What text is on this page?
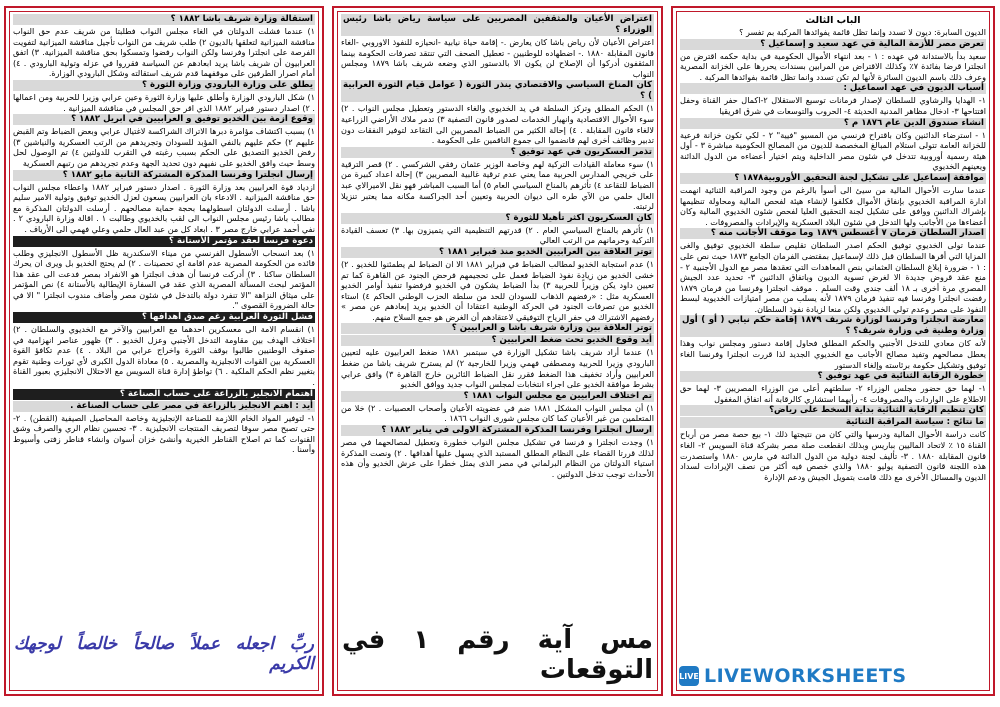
استقالة وزارة شريف باشا ١٨٨٢ ؟

١) عندما فشلت الدولتان في الغاء مجلس النواب فطلبتا من شريف عدم حق النواب مناقشة الميزانية لتعلقها بالديون ٢) طلب شريف من النواب تأجيل مناقشة الميزانية لتفويت الفرصة على انجلترا وفرنسا ولكن النواب رفضوا وتمسكوا بحق مناقشة الميزانية. ٣) اتفق العرابيون أن شريف باشا يريد ابعادهم عن السياسة فقرروا في عزله وتولية البارودي . ٤) أمام اصرار الطرفين على موقفهما قدم شريف استقالته وشكل البارودي الوزارة.

يطلق على وزارة البارودي وزارة الثورة ؟

١) شكل البارودي الوزارة وأطلق عليها وزارة الثورة وعين عرابي وزيرا للحربية ومن اعمالها . ٢) اصدار دستور فبراير ١٨٨٢ الذي اقر حق المجلس في مناقشة الميزانية .

وقوع ازمة بين الخديو توفيق و العرابيين في ابريل ١٨٨٢ ؟

١) بسبب اكتشاف مؤامرة دبرها الاتراك الشراكسة لاغتيال عرابي وبعض الضباط وتم القبض عليهم ٢) حكم عليهم بالنفي المؤبد للسودان وتجريدهم من الرتب العسكرية والنياشين ٣) رفض الخديو التصديق على الحكم بسبب رغبته في التقرب للدولتين ٤) تم الوصول لحل وسط حيث وافق الخديو على نفيهم دون تحديد الجهة وعدم تجريدهم من رتبهم العسكرية

إرسال انجلترا وفرنسا المذكرة المشتركة الثانية مايو ١٨٨٢ ؟

ازدياد قوة العرابيين بعد وزارة الثورة . اصدار دستور فبراير ١٨٨٢ واعطاء مجلس النواب حق مناقشة الميزانية . الادعاء بان العرابيين يسعون لعزل الخديو توفيق وتولية الامير سليم باشا . أرسلت الدولتان اسطولهما بحجة حماية مصالحهم . أرسلت الدولتان المذكرة مع مطالب باشا رئيس مجلس النواب الى لقب بالخديوي وطالبت ١ . اقالة وزارة البارودي ٢ . نفي أحمد عرابي خارج مصر ٣ . ابعاد كل من عبد العال حلمي وعلي فهمي الى الأرياف .

دعوة فرنسا لعقد مؤتمر الأستانة ؟

١) بعد انسحاب الأسطول الفرنسي من ميناء الاسكندرية ظل الأسطول الانجليزي وطلب قائده من الحكومة المصرية عدم اقامة اي تحصينات . ٢) لم يحتج الخديو بل ويرى ان يحرك السلطان ساكنا . ٣) أدركت فرنسا أن هدف انجلترا هو الانفراد بمصر فدعت الى عقد هذا المؤتمر لبحث المسألة المصرية الذي عقد في السفارة الإيطالية بالأستانة ٤) نص المؤتمر على ميثاق النزاهة "الا تنفرد دولة بالتدخل في شئون مصر وأضاف مندوب انجلترا " الا في حالة الضرورة القصوى ".

فشل الثورة العرابية رغم صدق أهدافها ؟

١) انقسام الامة الى معسكرين احدهما مع العرابيين والآخر مع الخديوي والسلطان . ٢) اختلاف الهدف بين مقاومة التدخل الأجنبي وعزل الخديو . ٣) ظهور عناصر انهزامية في صفوف الوطنيين طالبوا بوقف الثورة واخراج عرابي من البلاد . ٤) عدم تكافؤ القوة العسكرية بين القوات الانجليزية والمصرية . ٥) معاداة الدول الكبرى لأي ثورات وطنية تقوم بتغيير نظم الحكم الملكية . ٦) تواطؤ إدارة قناة السويس مع الاحتلال الانجليزي بعبور القناة .

اهتمام الانجليز بالزراعة على حساب الصناعة ؟
أيد : اهتم الانجليز بالزراعة في مصر على حساب الصناعة .

١- لتوفير المواد الخام اللازمة للصناعة الإنجليزية وخاصة المحاصيل الصيفية (القطن) . ٢- حتى تصبح مصر سوقا لتصريف المنتجات الانجليزية . ٣- تحسين نظام الري والصرف وشق القنوات كما تم اصلاح القناطر الخيرية وأنشئ خزان أسوان وانشاء قناطر زفتى وأسيوط وأسنا .

ربِّ اجعله عملاً صالحاً خالصاً لوجهك الكريم
اعتراض الأعيان والمثقفين المصريين على سياسة رياض باشا رئيس الوزراء ؟

اعتراض الأعيان لأن رياض باشا كان يعارض .- إقامة حياة نيابية -انحيازه للنفوذ الاوروبي -الغاء قانون المقابلة ١٨٨٠ .- اضطهاده للوطنيين - تعطيل الصحف التي تنتقد تصرفات الحكومة بينما المثقفون أدركوا أن الإصلاح لن يكون الا بالدستور الذي وضعه شريف باشا ١٨٧٩ ومجلس النواب

كان المناخ السياسي والاقتصادي ينذر الثورة ( عوامل قيام الثورة العرابية ) ؟

١) الحكم المطلق وتركز السلطة في يد الخديوي والغاء الدستور وتعطيل مجلس النواب . ٢) سوء الأحوال الاقتصادية وانهيار الخدمات لصدور قانون التصفية ٣) تدمر ملاك الأراضي الزراعية لالغاء قانون المقابلة . ٤) إحالة الكثير من الضباط المصريين الى التقاعد لتوفير النفقات دون تدبير وظائف أخرى لهم فانضموا الى جموع الناقمين على الحكومة .

تذمر العسكريون في عهد توفيق ؟

١) سوء معاملة القيادات التركية لهم وخاصة الوزير عثمان رفقي الشركسي . ٢) قصر الترقية على خريجي المدارس الحربية مما يعني عدم ترقية غالبية المصريين ٣) إحالة اعداد كبيرة من الضباط للتقاعد ٤) تأثرهم بالمناخ السياسي العام ٥) أما السبب المباشر فهو نقل الاميرالاي عبد العال حلمي من الآي طره الى ديوان الحربية وتعيين أحد الجراكسة مكانه مما يعتبر تنزيلا لرتبته.

كان العسكريون اكثر تأهيلا للثورة ؟

١) تأثرهم بالمناخ السياسي العام . ٢) قدرتهم التنظيمية التي يتميزون بها. ٣) تعسف القيادة التركية وحرمانهم من الرتب العالي

توتر العلاقة بين العرابيين الخديو منذ فبراير ١٨٨١ ؟

١) عدم استجابة الخديو لمطالب الضباط في فبراير ١٨٨١ الا ان الضباط لم يطمئنوا للخديو . ٢) خشى الخديو من زيادة نفوذ الضباط فعمل على تحجيمهم فرحض الجنود عن القاهرة كما تم تعيين داود يكن وزيراً للحربية ٣) بدأ الضباط يشكون في الخديو فرفضوا تنفيذ أوامر الخديو العسكرية مثل : «رفضهم الذهاب للسودان للحد من سلطة الحزب الوطني الحاكم ٤) استاء الخديو من تصرفات الجنود في الحركة الوطنية اعتقادا أن الخديو يريد إبعادهم عن مصر » رفضهم الاشتراك في حفر الرياح التوفيقي لاعتقادهم أن الغرض هو جمع السلاح منهم.

توتر العلاقة بين وزارة شريف باشا و العرابيين ؟
أيد وقوع الخديو تحت ضغط العرابيين ؟

١) عندما أراد شريف باشا تشكيل الوزارة في سبتمبر ١٨٨١ ضغط العرابيون عليه لتعيين البارودي وزيرا للحربية ومصطفى فهمي وزيرا للخارجية ٢) لم يسترح شريف باشا من ضغط العرابيين وأراد تخفيف هذا الضغط فقرر نقل الضباط الثائرين خارج القاهرة ٣) وافق عرابي بشرط موافقة الخديو على اجراء انتخابات لمجلس النواب جديد ووافق الخديو

تم اختلاف العرابيين مع مجلس النواب ١٨٨١ ؟

١) أن مجلس النواب المشكل ١٨٨١ ضم في عضويته الأعيان وأصحاب العصبيات . ٢) خلا من المتعلمين من غير الأعيان كما كان مجلس شورى النواب ١٨٦٦ .

ارسال انجلترا وفرنسا المذكرة المشتركة الاولى في يناير ١٨٨٢ ؟

١) وجدت انجلترا و فرنسا في تشكيل مجلس النواب خطورة وتعطيل لمصالحهما في مصر لذلك قررتا القضاء على النظام المطلق المستبد الذي يسهل عليها أهدافها . ٢) ونصت المذكرة استياء الدولتان من النظام البرلماني في مصر الذى يمثل خطرا على عرش الخديو وأن هذه الأحداث توجب تدخل الدولتين .

مس آية رقم ١ في التوقعات
الباب الثالث

الديون السابرة: ديون لا تسدد وإنما تظل قائمة يفوائدها المركبة بم تفسر ؟

تعرض مصر للأزمة المالية في عهد سعيد و إسماعيل ؟

سعيد بدأ بالاستدانة في عهده : ١ - بعد انتهاء الأموال الحكومية في بداية حكمه اقترض من انجلترا قرضا بفائدة ٧٪ وكذلك الاقتراض من المرابين بسندات يحررها على الخزانة المصرية وعرف ذلك باسم الديون السائرة لأنها لم تكن تسدد وانما تظل قائمة بفوائدها المركبة .

أسباب الديون في عهد اسماعيل :

١- الهدايا والرشاوي للسلطان لإصدار فرمانات توسيع الاستقلال ٢-اكمال حفر القناة وحفل افتتاحها ٣- ادخال مظاهر المدنية الحديثة ٤- الحروب والتوسعات في شرق افريقيا

انشاء صندوق الدين عام ١٨٧٦ م ؟

١ - استرضاء الدائنين وكان باقتراح فرنسي من المسيو "فيية" ٢ - لكي تكون خزانة فرعية للخزانة العامة تتولى استلام المبالغ المخصصة للديون من المصالح الحكومية مباشرة ٣ - أول هيئة رسمية أوروبية تتدخل في شئون مصر الداخلية ويتم اختيار أعضاءه من الدول الدائنة ويعينهم الخديوي

موافقة إسماعيل على تشكيل لجنة التحقيق الأوروبية١٨٧٨ ؟

عندما سارت الأحوال المالية من سيئ الى أسوأ بالرغم من وجود المراقبة الثنائية انهمت ادارة المراقبة الخديوي بإنفاق الأموال فكلفوا لإنشاء هيئة لفحص المالية ومحاولة تنظيمها بإشراك الدائنين ووافق على تشكيل لجنة التحقيق العليا لفحص شئون الخديوي المالية وكان أعضاءها من الأجانب ولها التدخل في شئون البلاد العسكرية والإيرادات والمصروفات .

اصدار السلطان فرمان ٧ أغسطس ١٨٧٩ وما موقف الأجانب منه ؟

عندما تولى الخديوي توفيق الحكم اصدر السلطان تقليص سلطة الخديوي توفيق والغى المزايا التي أقرها السلطان قبل ذلك لإسماعيل بمقتضى الفرمان الجامع ١٨٧٣ حيث نص على : ١ - ضرورة إبلاغ السلطان العثماني بنص المعاهدات التي تعقدها مصر مع الدول الأجنبية ٢ - منع عقد قروض جديدة الا لغرض تسوية الديون وباتفاق الدائنين ٣- تحديد عدد الجيش المصري مرة أخرى بـ ١٨ ألف جندي وقت السلم . موقف انجلترا وفرنسا من فرمان ١٨٧٩ رفضت انجلترا وفرنسا فيه تنفيذ فرمان ١٨٧٩ لأنه يسلب من مصر امتيازات الخديوية لبسط النفوذ على مصر وعدم تولي الخديوي ولكن منعا لزيادة نفوذ السلطان.

معارضة انجلترا وفرنسا لوزارة شريف ١٨٧٩ إقامة حكم نيابي ( أو ) أول وزارة وطنية في وزارة شريف؟ ؟

لأنه كان معادي للتدخل الأجنبي والحكم المطلق فحاول إقامة دستور ومجلس نواب وهذا يعطل مصالحهم وتفيد مصالح الأجانب مع الخديوي الجديد لذا قررت انجلترا وفرنسا الغاء توفيق وتشكيل حكومة برئاسته وإلغاء الدستور

خطورة الرقابة الثنائية في عهد توفيق ؟

١- لهما حق حضور مجلس الوزراء ٢- سلطتهم أعلى من الوزراء المصريين ٣- لهما حق الاطلاع على الواردات والمصروفات ٤- رأيهما استشاري كالرقابة أنه اتفاق المغفول

كان تنظيم الرقابة الثنائية بداية السخط على رياض؟
ما نتائج : سياسة المراقبة الثنائية

كانت دراسة الأحوال المالية ودرسها والتي كان من نتيجتها ذلك ١- بيع حصة مصر من أرباح القناة ١٥ ٪ لاتحاد الماليين بباريس وبذلك انقطعت صلة مصر بشركة قناة السويس ٢- الغاء قانون المقابلة ١٨٨٠ . ٣- تأليف لجنة دولية من الدول الدائنة في مارس ١٨٨٠ واستصدرت هذه اللجنة قانون التصفية يوليو ١٨٨٠ والذي خصص فيه أكثر من نصف الإيرادات لسداد الديون والمسائل الأخرى مع ذلك قامت بتمويل الجيش ودعم الإدارة

LIVE LIVEWORKSHEETS
